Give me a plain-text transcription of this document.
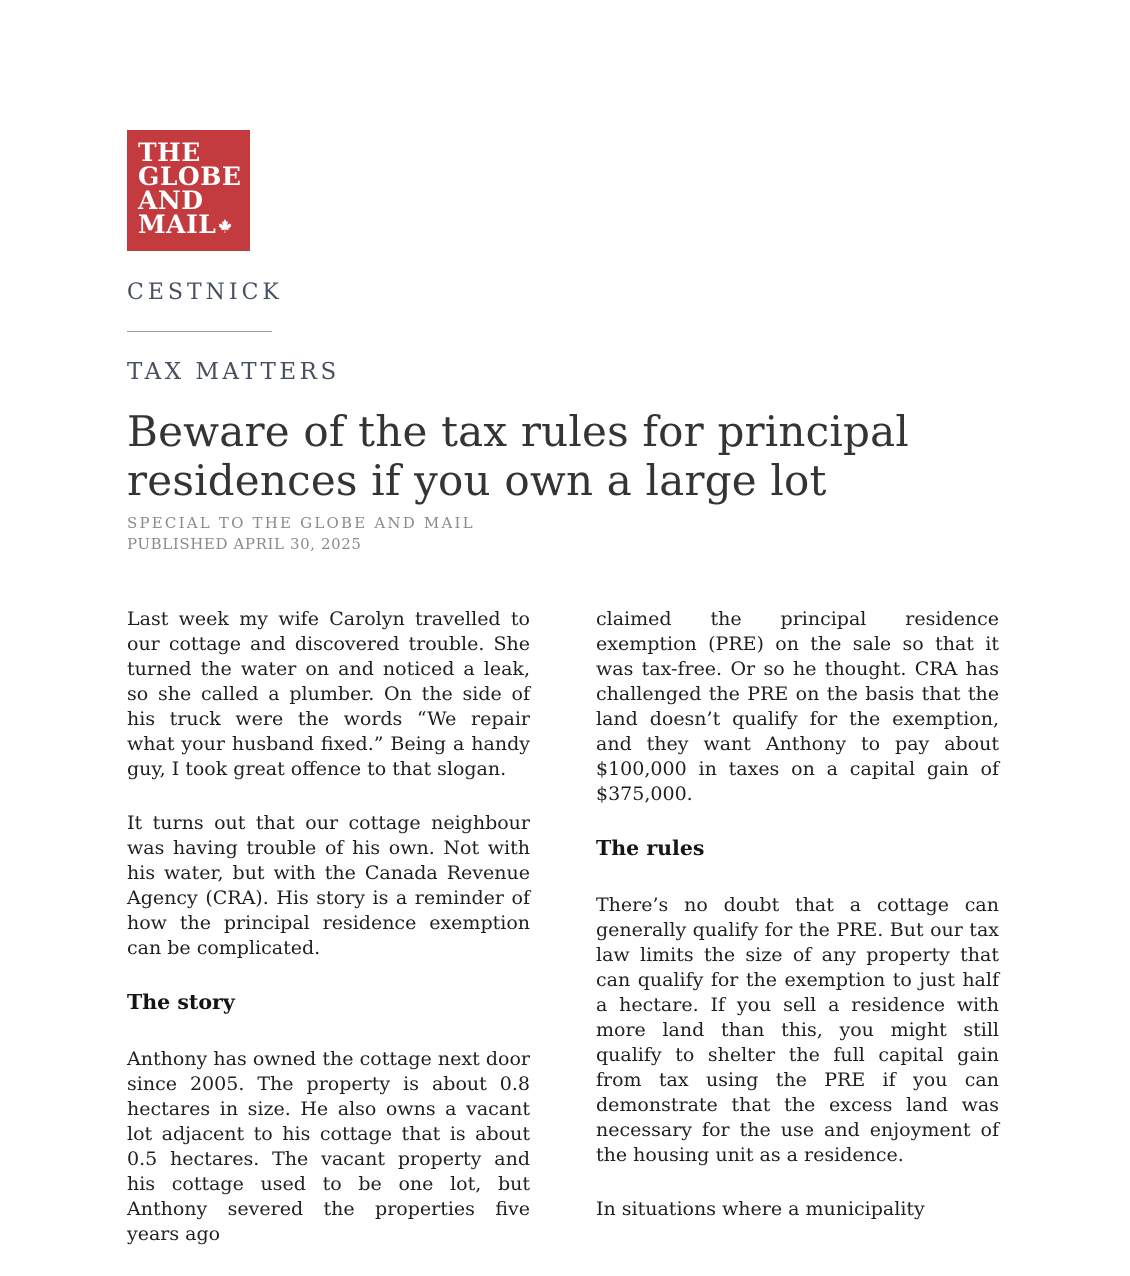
THE
GLOBE
AND
MAIL
CESTNICK
TAX MATTERS
Beware of the tax rules for principal residences if you own a large lot
SPECIAL TO THE GLOBE AND MAIL
PUBLISHED APRIL 30, 2025

Last week my wife Carolyn travelled to our cottage and discovered trouble. She turned the water on and noticed a leak, so she called a plumber. On the side of his truck were the words “We repair what your husband fixed.” Being a handy guy, I took great offence to that slogan.

It turns out that our cottage neighbour was having trouble of his own. Not with his water, but with the Canada Revenue Agency (CRA). His story is a reminder of how the principal residence exemption can be complicated.

The story

Anthony has owned the cottage next door since 2005. The property is about 0.8 hectares in size. He also owns a vacant lot adjacent to his cottage that is about 0.5 hectares. The vacant property and his cottage used to be one lot, but Anthony severed the properties five years ago

claimed the principal residence exemption (PRE) on the sale so that it was tax-free. Or so he thought. CRA has challenged the PRE on the basis that the land doesn’t qualify for the exemption, and they want Anthony to pay about $100,000 in taxes on a capital gain of $375,000.

The rules

There’s no doubt that a cottage can generally qualify for the PRE. But our tax law limits the size of any property that can qualify for the exemption to just half a hectare. If you sell a residence with more land than this, you might still qualify to shelter the full capital gain from tax using the PRE if you can demonstrate that the excess land was necessary for the use and enjoyment of the housing unit as a residence.

In situations where a municipality
